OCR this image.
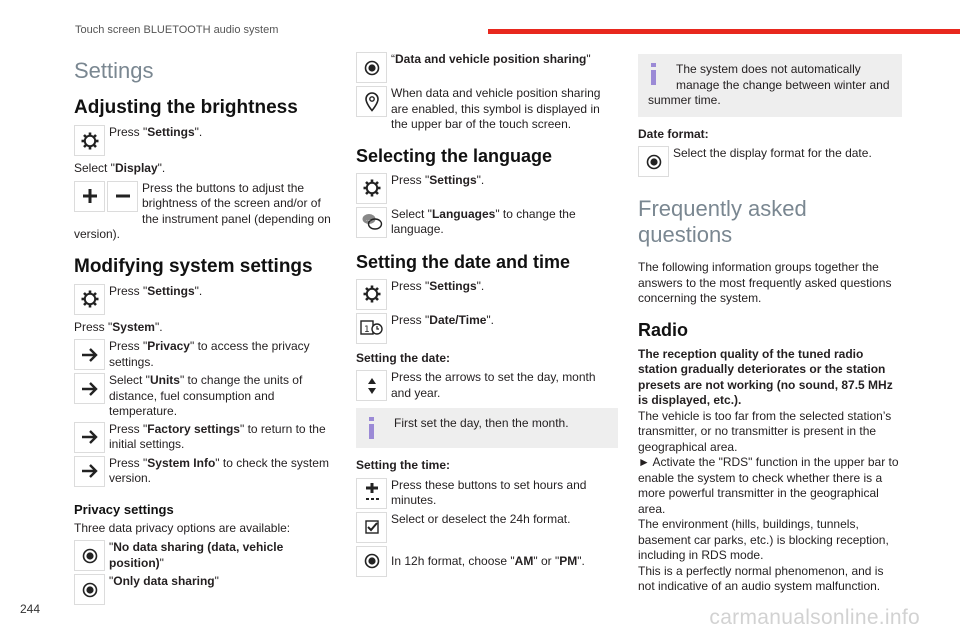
Touch screen BLUETOOTH audio system
Settings
Adjusting the brightness
Press "Settings".

Select "Display".

Press the buttons to adjust the brightness of the screen and/or of the instrument panel (depending on version).
Modifying system settings
Press "Settings".

Press "System".

Press "Privacy" to access the privacy settings.
Select "Units" to change the units of distance, fuel consumption and temperature.
Press "Factory settings" to return to the initial settings.
Press "System Info" to check the system version.
Privacy settings

Three data privacy options are available:

"No data sharing (data, vehicle position)"
"Only data sharing"
“Data and vehicle position sharing"
When data and vehicle position sharing are enabled, this symbol is displayed in the upper bar of the touch screen.
Selecting the language
Press "Settings".
...	Select "Languages" to change the language.
Setting the date and time
Press "Settings".
1
Press "Date/Time".

Setting the date:

Press the arrows to set the day, month and year.
First set the day, then the month.

Setting the time:

Press these buttons to set hours and minutes.
Select or deselect the 24h format.
In 12h format, choose "AM" or "PM".
The system does not automatically manage the change between winter and summer time.

Date format:

Select the display format for the date.
Frequently asked questions

The following information groups together the answers to the most frequently asked questions concerning the system.

Radio

The reception quality of the tuned radio station gradually deteriorates or the station presets are not working (no sound, 87.5 MHz is displayed, etc.).

The vehicle is too far from the selected station’s transmitter, or no transmitter is present in the geographical area.

► Activate the "RDS" function in the upper bar to enable the system to check whether there is a more powerful transmitter in the geographical area.

The environment (hills, buildings, tunnels, basement car parks, etc.) is blocking reception, including in RDS mode.

This is a perfectly normal phenomenon, and is not indicative of an audio system malfunction.

244	carmanualsonline.info
